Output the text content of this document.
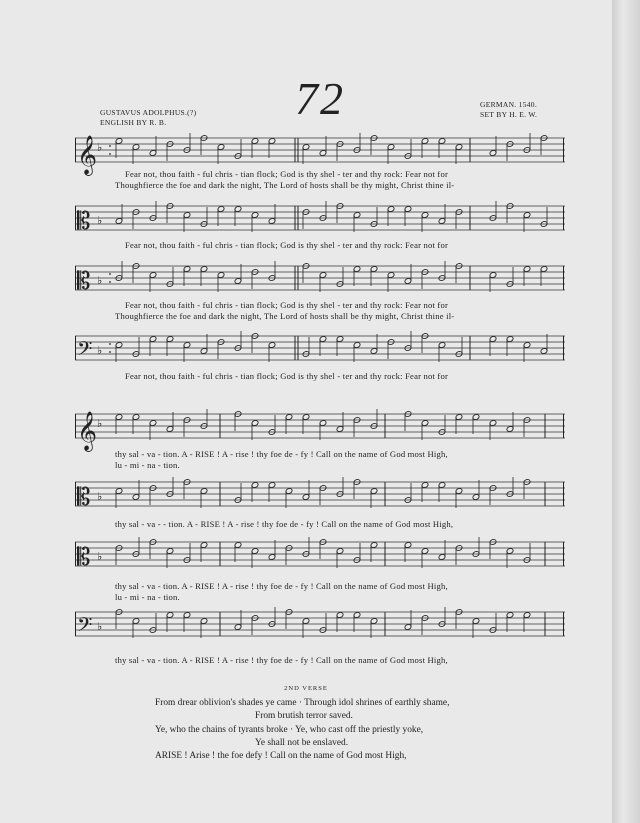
72
GUSTAVUS ADOLPHUS.(?)
ENGLISH BY R. B.
GERMAN. 1540.
SET BY H. E. W.
𝄞 ♭
Fear not, thou faith - ful chris - tian flock; God is thy shel - ter and thy rock: Fear not for
Thoughfierce the foe and dark the night, The Lord of hosts shall be thy might, Christ thine il-
𝄡 ♭
Fear not, thou faith - ful chris - tian flock; God is thy shel - ter and thy rock: Fear not for
𝄡 ♭
Fear not, thou faith - ful chris - tian flock; God is thy shel - ter and thy rock: Fear not for
Thoughfierce the foe and dark the night, The Lord of hosts shall be thy might, Christ thine il-
𝄢 ♭
Fear not, thou faith - ful chris - tian flock; God is thy shel - ter and thy rock: Fear not for
𝄞 ♭
thy sal - va - tion. A - RISE ! A - rise ! thy foe de - fy ! Call on the name of God most High,
lu - mi - na - tion.
𝄡 ♭
thy sal - va - - tion. A - RISE ! A - rise ! thy foe de - fy ! Call on the name of God most High,
𝄡 ♭
thy sal - va - tion. A - RISE ! A - rise ! thy foe de - fy ! Call on the name of God most High,
lu - mi - na - tion.
𝄢 ♭
thy sal - va - tion. A - RISE ! A - rise ! thy foe de - fy ! Call on the name of God most High,
2ND VERSE
From drear oblivion's shades ye came · Through idol shrines of earthly shame,
From brutish terror saved.
Ye, who the chains of tyrants broke · Ye, who cast off the priestly yoke,
Ye shall not be enslaved.
ARISE ! Arise ! the foe defy ! Call on the name of God most High,
